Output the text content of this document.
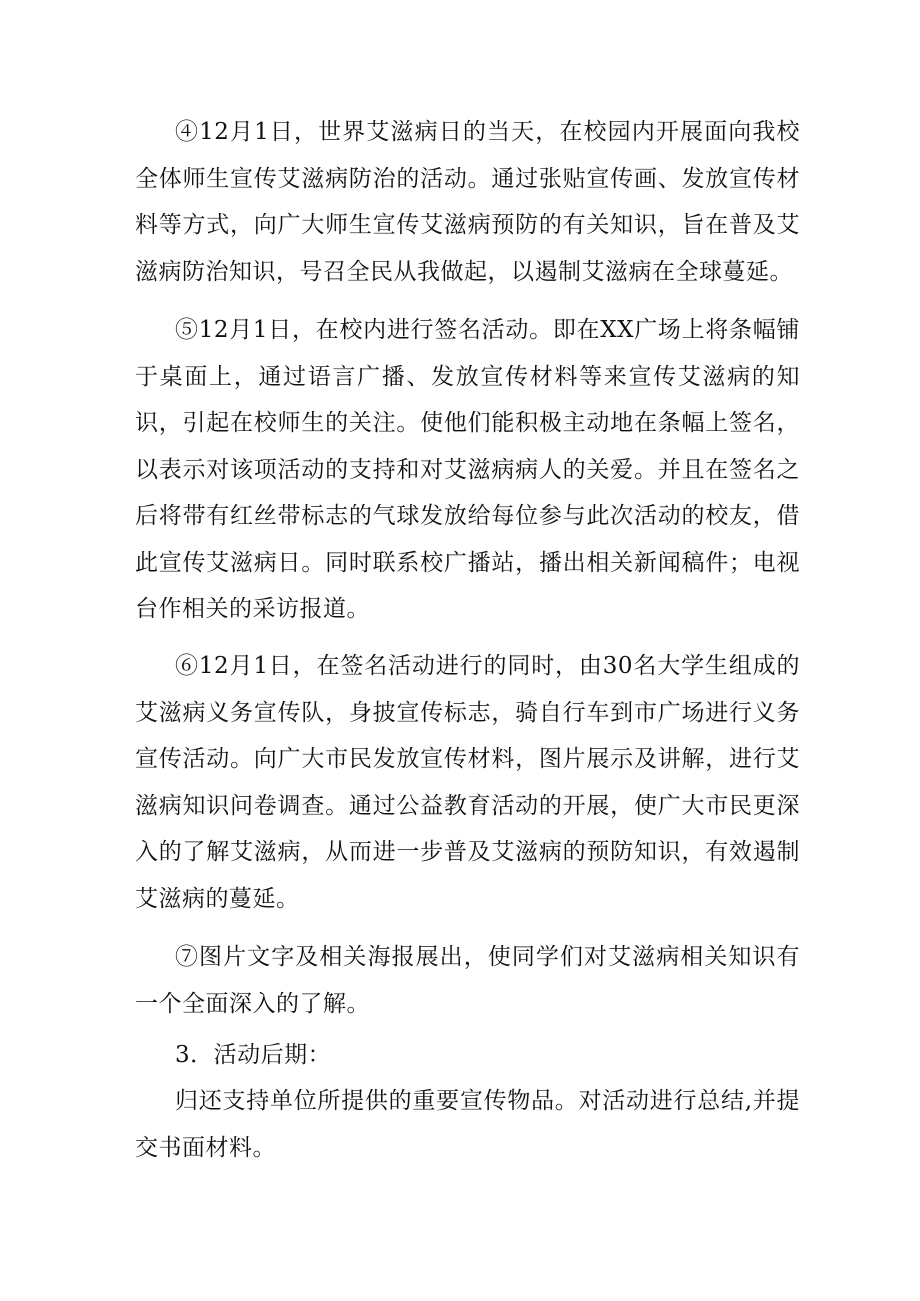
④12月1日，世界艾滋病日的当天，在校园内开展面向我校全体师生宣传艾滋病防治的活动。通过张贴宣传画、发放宣传材料等方式，向广大师生宣传艾滋病预防的有关知识，旨在普及艾滋病防治知识，号召全民从我做起，以遏制艾滋病在全球蔓延。

⑤12月1日，在校内进行签名活动。即在XX广场上将条幅铺于桌面上，通过语言广播、发放宣传材料等来宣传艾滋病的知识，引起在校师生的关注。使他们能积极主动地在条幅上签名，以表示对该项活动的支持和对艾滋病病人的关爱。并且在签名之后将带有红丝带标志的气球发放给每位参与此次活动的校友，借此宣传艾滋病日。同时联系校广播站，播出相关新闻稿件；电视台作相关的采访报道。

⑥12月1日，在签名活动进行的同时，由30名大学生组成的艾滋病义务宣传队，身披宣传标志，骑自行车到市广场进行义务宣传活动。向广大市民发放宣传材料，图片展示及讲解，进行艾滋病知识问卷调查。通过公益教育活动的开展，使广大市民更深入的了解艾滋病，从而进一步普及艾滋病的预防知识，有效遏制艾滋病的蔓延。

⑦图片文字及相关海报展出，使同学们对艾滋病相关知识有一个全面深入的了解。

3．活动后期：

归还支持单位所提供的重要宣传物品。对活动进行总结,并提交书面材料。
